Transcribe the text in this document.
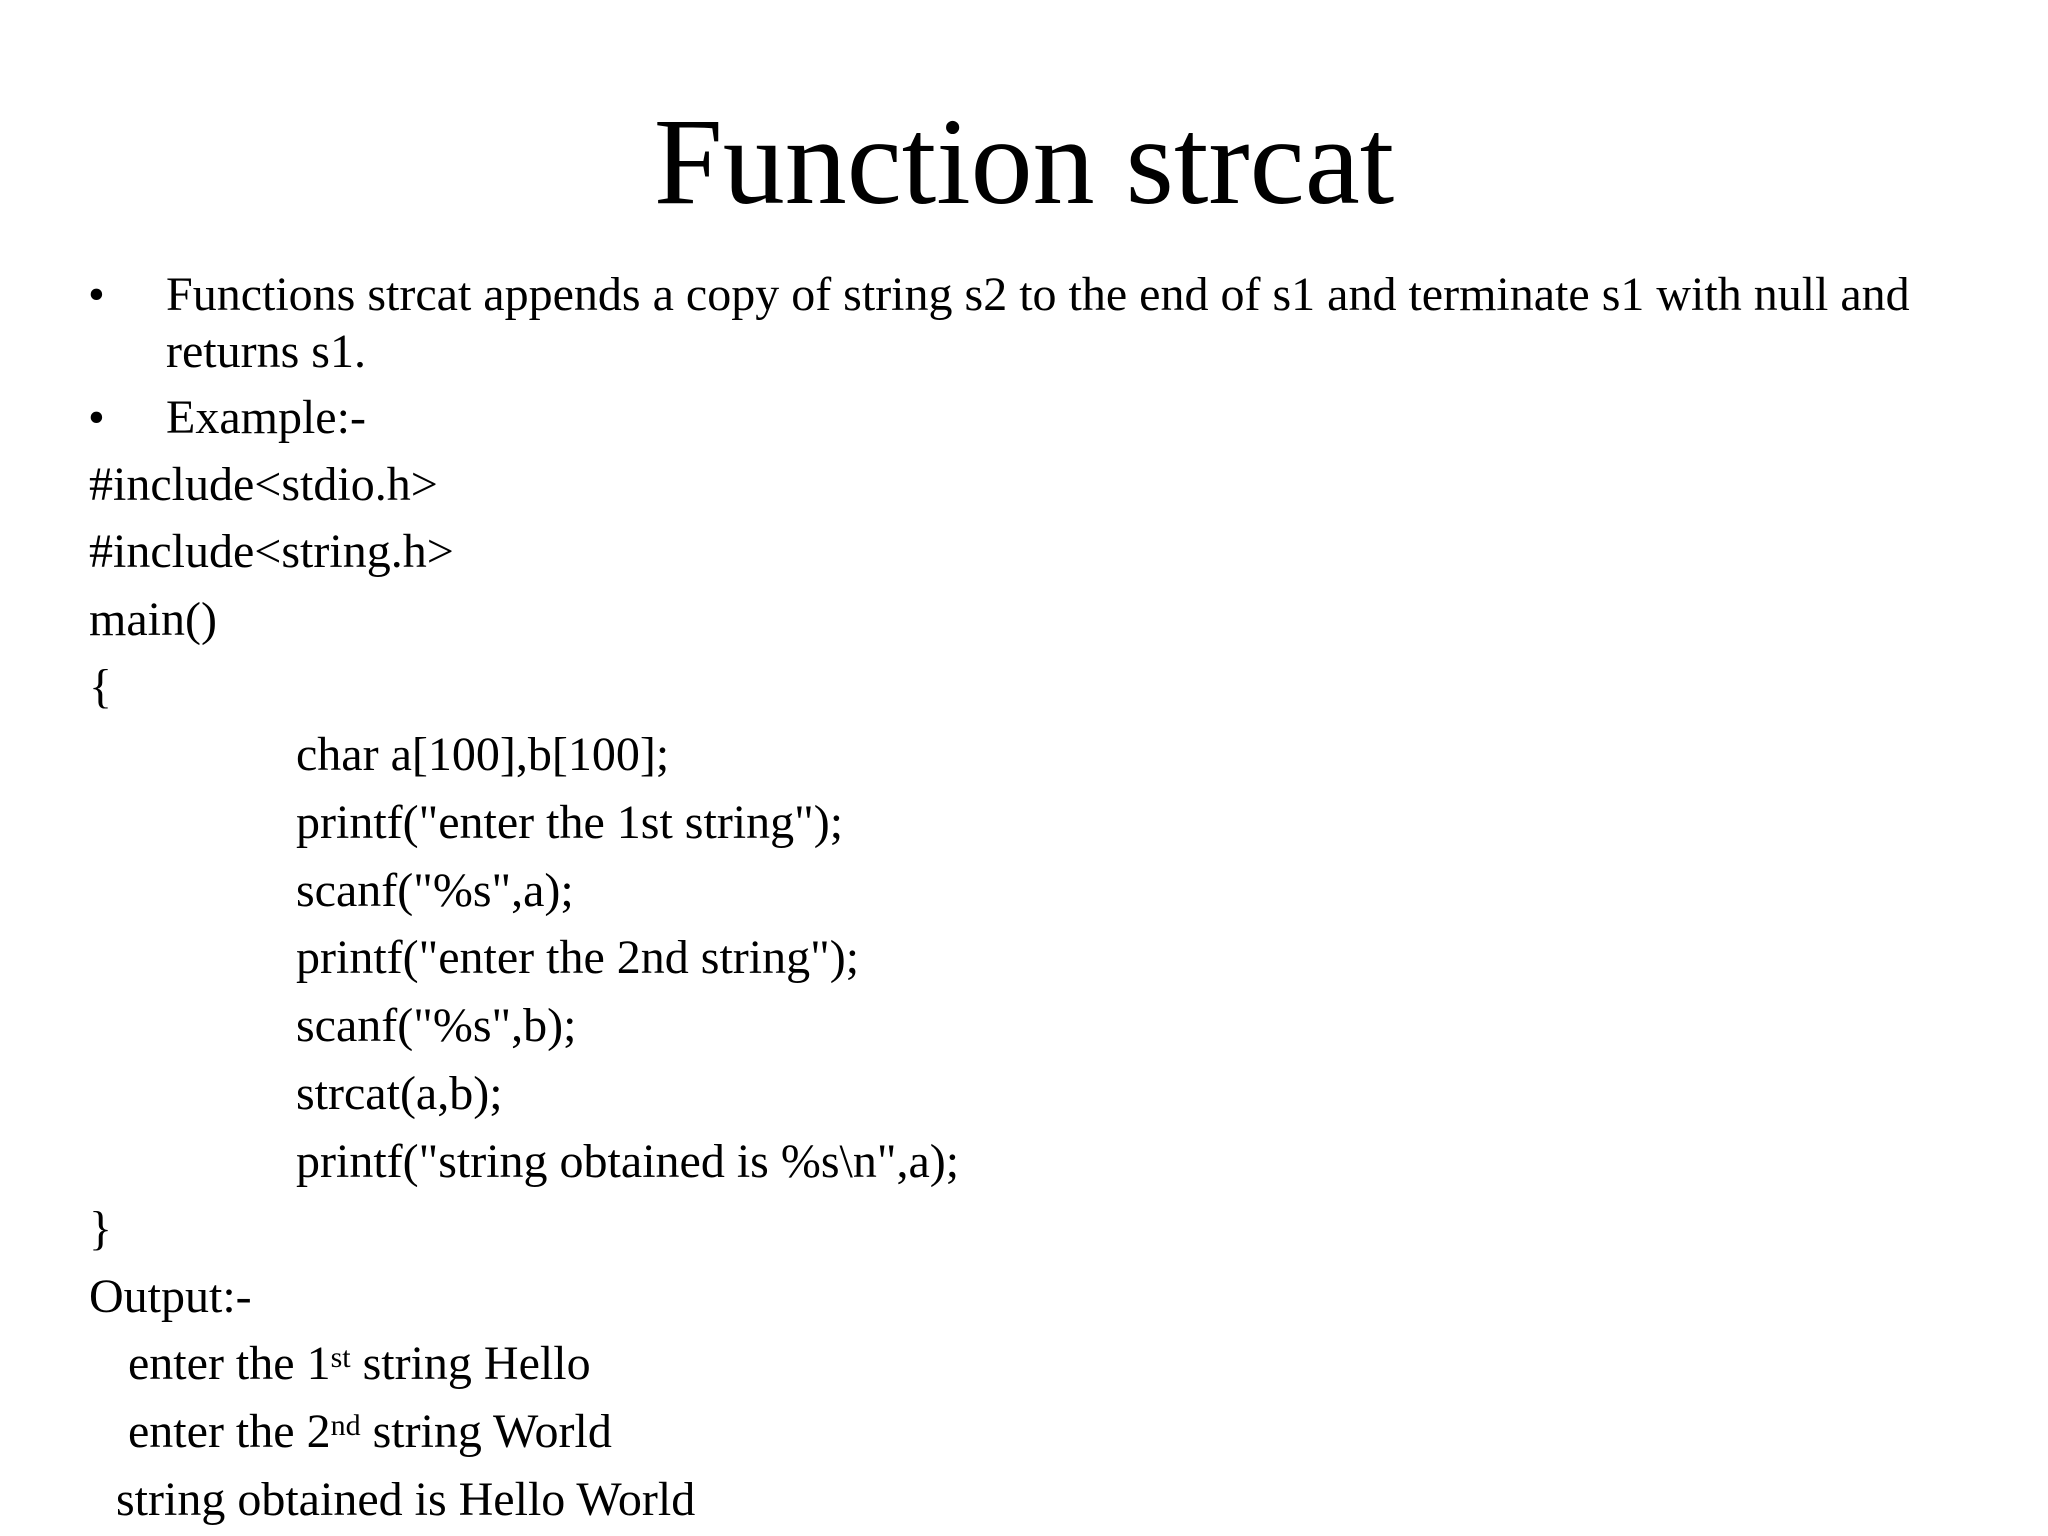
Function strcat
• Functions strcat appends a copy of string s2 to the end of s1 and terminate s1 with null and returns s1.
• Example:-
#include<stdio.h>
#include<string.h>
main()
{
char a[100],b[100];
printf("enter the 1st string");
scanf("%s",a);
printf("enter the 2nd string");
scanf("%s",b);
strcat(a,b);
printf("string obtained is %s\n",a);
}
Output:-
enter the 1st string Hello
enter the 2nd string World
string obtained is Hello World
